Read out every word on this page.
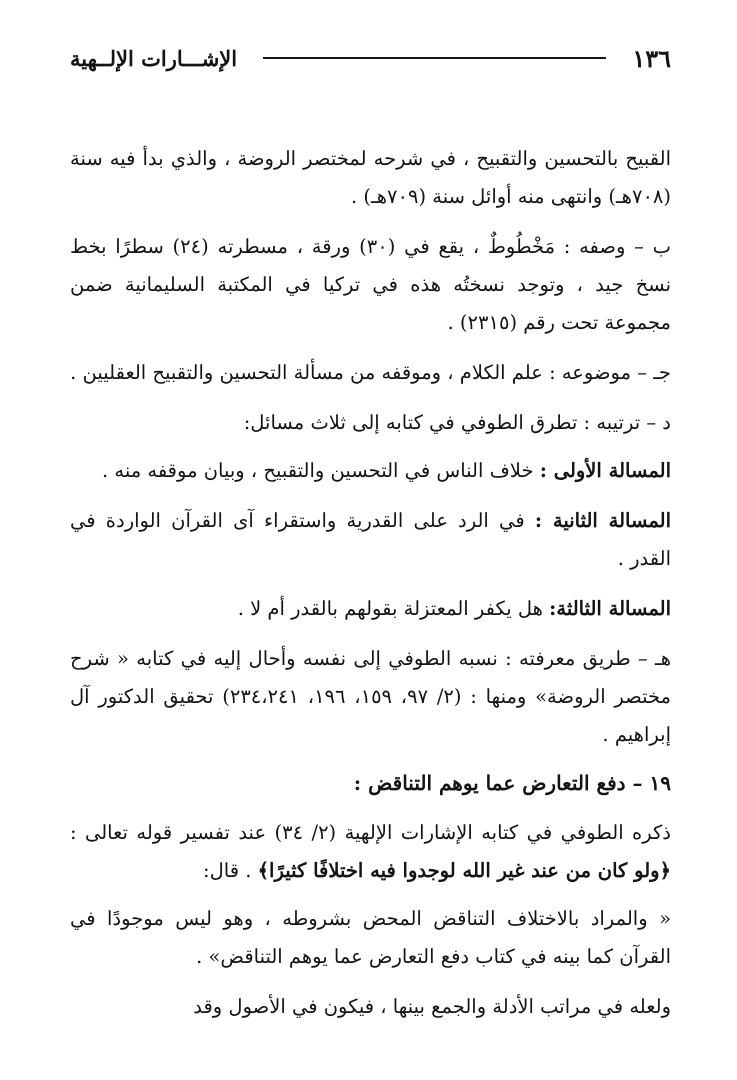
١٣٦
الإشـــارات الإلــهية

القبيح بالتحسين والتقبيح ، في شرحه لمختصر الروضة ، والذي بدأ فيه سنة (٧٠٨هـ) وانتهى منه أوائل سنة (٧٠٩هـ) .

ب – وصفه : مَخْطُوطٌ ، يقع في (٣٠) ورقة ، مسطرته (٢٤) سطرًا بخط نسخ جيد ، وتوجد نسختُه هذه في تركيا في المكتبة السليمانية ضمن مجموعة تحت رقم (٢٣١٥) .

جـ – موضوعه : علم الكلام ، وموقفه من مسألة التحسين والتقبيح العقليين .

د – ترتيبه : تطرق الطوفي في كتابه إلى ثلاث مسائل:

المسالة الأولى : خلاف الناس في التحسين والتقبيح ، وبيان موقفه منه .

المسالة الثانية : في الرد على القدرية واستقراء آى القرآن الواردة في القدر .

المسالة الثالثة: هل يكفر المعتزلة بقولهم بالقدر أم لا .

هـ – طريق معرفته : نسبه الطوفي إلى نفسه وأحال إليه في كتابه « شرح مختصر الروضة» ومنها : (٢/ ٩٧، ١٥٩، ١٩٦، ٢٣٤،٢٤١) تحقيق الدكتور آل إبراهيم .

١٩ – دفع التعارض عما يوهم التناقض :

ذكره الطوفي في كتابه الإشارات الإلهية (٢/ ٣٤) عند تفسير قوله تعالى : ﴿ولو كان من عند غير الله لوجدوا فيه اختلافًا كثيرًا﴾ . قال:

« والمراد بالاختلاف التناقض المحض بشروطه ، وهو ليس موجودًا في القرآن كما بينه في كتاب دفع التعارض عما يوهم التناقض» .

ولعله في مراتب الأدلة والجمع بينها ، فيكون في الأصول وقد
